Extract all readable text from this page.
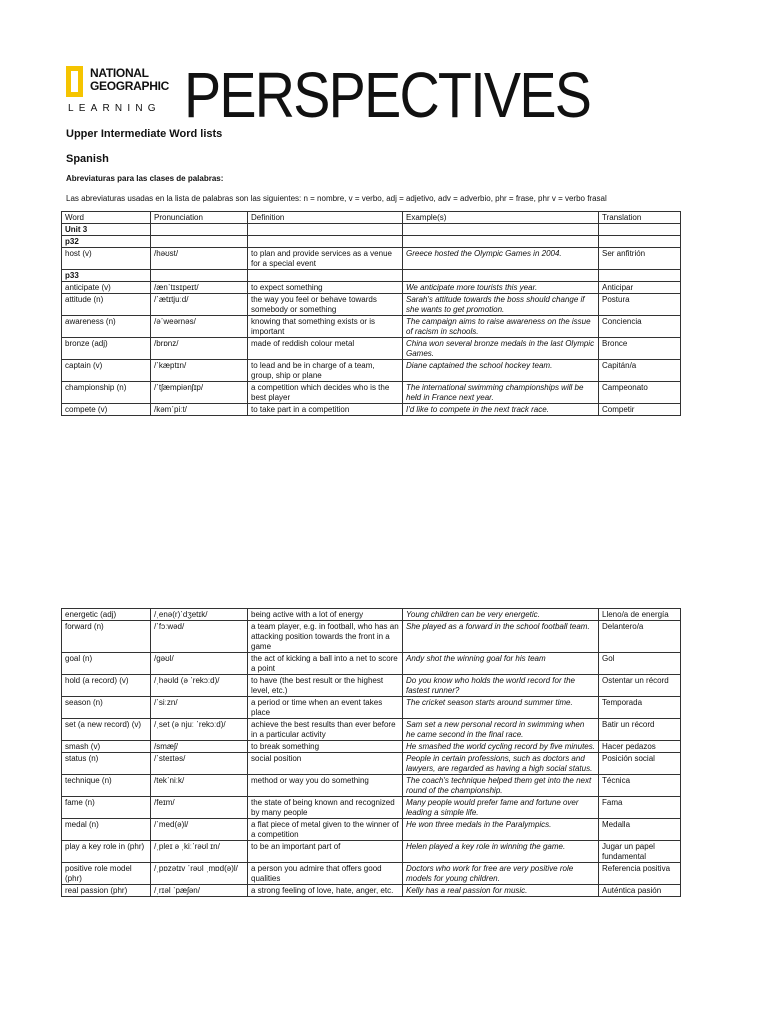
NATIONAL
GEOGRAPHIC
LEARNING PERSPECTIVES
Upper Intermediate Word lists
Spanish
Abreviaturas para las clases de palabras:
Las abreviaturas usadas en la lista de palabras son las siguientes: n = nombre, v = verbo, adj = adjetivo, adv = adverbio, phr = frase, phr v = verbo frasal
Word	Pronunciation	Definition	Example(s)	Translation
Unit 3				
p32				
host (v)	/həʊst/	to plan and provide services as a venue for a special event	Greece hosted the Olympic Games in 2004.	Ser anfitrión
p33				
anticipate (v)	/æn᾽tɪsɪpeɪt/	to expect something	We anticipate more tourists this year.	Anticipar
attitude (n)	/᾽ætɪtjuːd/	the way you feel or behave towards somebody or something	Sarah's attitude towards the boss should change if she wants to get promotion.	Postura
awareness (n)	/ə᾽weərnəs/	knowing that something exists or is important	The campaign aims to raise awareness on the issue of racism in schools.	Conciencia
bronze (adj)	/brɒnz/	made of reddish colour metal	China won several bronze medals in the last Olympic Games.	Bronce
captain (v)	/᾽kæptɪn/	to lead and be in charge of a team, group, ship or plane	Diane captained the school hockey team.	Capitán/a
championship (n)	/᾽tʃæmpiənʃɪp/	a competition which decides who is the best player	The international swimming championships will be held in France next year.	Campeonato
compete (v)	/kəm᾽piːt/	to take part in a competition	I'd like to compete in the next track race.	Competir
energetic (adj)	/ˌenə(r)᾽dʒetɪk/	being active with a lot of energy	Young children can be very energetic.	Lleno/a de energía
forward (n)	/᾽fɔːwəd/	a team player, e.g. in football, who has an attacking position towards the front in a game	She played as a forward in the school football team.	Delantero/a
goal (n)	/gəʊl/	the act of kicking a ball into a net to score a point	Andy shot the winning goal for his team	Gol
hold (a record) (v)	/ˌhəʊld (ə ᾽rekɔːd)/	to have (the best result or the highest level, etc.)	Do you know who holds the world record for the fastest runner?	Ostentar un récord
season (n)	/᾽siːzn/	a period or time when an event takes place	The cricket season starts around summer time.	Temporada
set (a new record) (v)	/ˌset (ə njuː ᾽rekɔːd)/	achieve the best results than ever before in a particular activity	Sam set a new personal record in swimming when he came second in the final race.	Batir un récord
smash (v)	/smæʃ/	to break something	He smashed the world cycling record by five minutes.	Hacer pedazos
status (n)	/᾽steɪtəs/	social position	People in certain professions, such as doctors and lawyers, are regarded as having a high social status.	Posición social
technique (n)	/tek᾽niːk/	method or way you do something	The coach's technique helped them get into the next round of the championship.	Técnica
fame (n)	/feɪm/	the state of being known and recognized by many people	Many people would prefer fame and fortune over leading a simple life.	Fama
medal (n)	/᾽med(ə)l/	a flat piece of metal given to the winner of a competition	He won three medals in the Paralympics.	Medalla
play a key role in (phr)	/ˌpleɪ ə ˌkiː᾽rəʊl ɪn/	to be an important part of	Helen played a key role in winning the game.	Jugar un papel fundamental
positive role model (phr)	/ˌpɒzətɪv ᾽rəʊl ˌmɒd(ə)l/	a person you admire that offers good qualities	Doctors who work for free are very positive role models for young children.	Referencia positiva
real passion (phr)	/ˌrɪəl ᾽pæʃən/	a strong feeling of love, hate, anger, etc.	Kelly has a real passion for music.	Auténtica pasión
